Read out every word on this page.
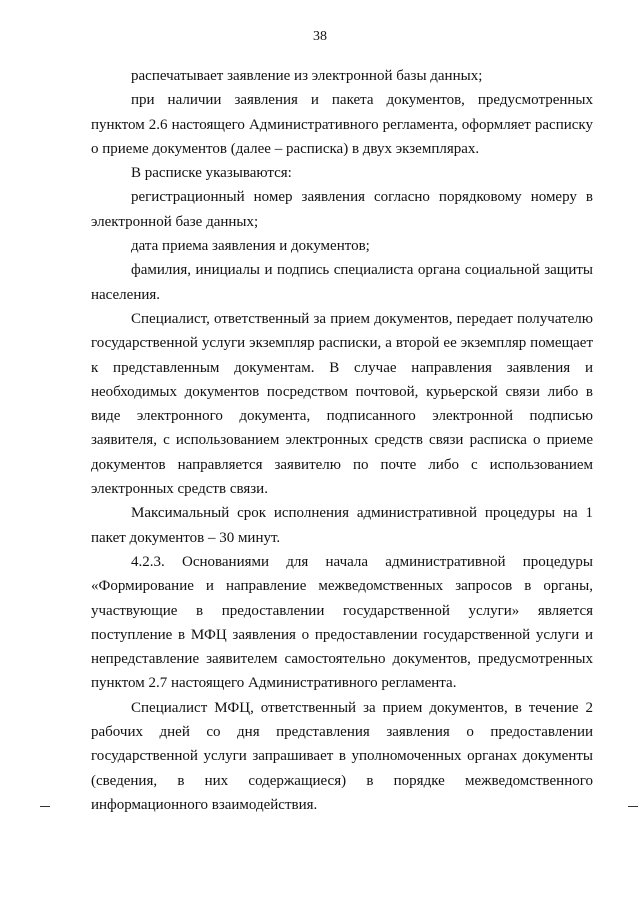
38

распечатывает заявление из электронной базы данных;

при наличии заявления и пакета документов, предусмотренных пунктом 2.6 настоящего Административного регламента, оформляет расписку о приеме документов (далее – расписка) в двух экземплярах.

В расписке указываются:

регистрационный номер заявления согласно порядковому номеру в электронной базе данных;

дата приема заявления и документов;

фамилия, инициалы и подпись специалиста органа социальной защиты населения.

Специалист, ответственный за прием документов, передает получателю государственной услуги экземпляр расписки, а второй ее экземпляр помещает к представленным документам. В случае направления заявления и необходимых документов посредством почтовой, курьерской связи либо в виде электронного документа, подписанного электронной подписью заявителя, с использованием электронных средств связи расписка о приеме документов направляется заявителю по почте либо с использованием электронных средств связи.

Максимальный срок исполнения административной процедуры на 1 пакет документов – 30 минут.

4.2.3. Основаниями для начала административной процедуры «Формирование и направление межведомственных запросов в органы, участвующие в предоставлении государственной услуги» является поступление в МФЦ заявления о предоставлении государственной услуги и непредставление заявителем самостоятельно документов, предусмотренных пунктом 2.7 настоящего Административного регламента.

Специалист МФЦ, ответственный за прием документов, в течение 2 рабочих дней со дня представления заявления о предоставлении государственной услуги запрашивает в уполномоченных органах документы (сведения, в них содержащиеся) в порядке межведомственного информационного взаимодействия.
